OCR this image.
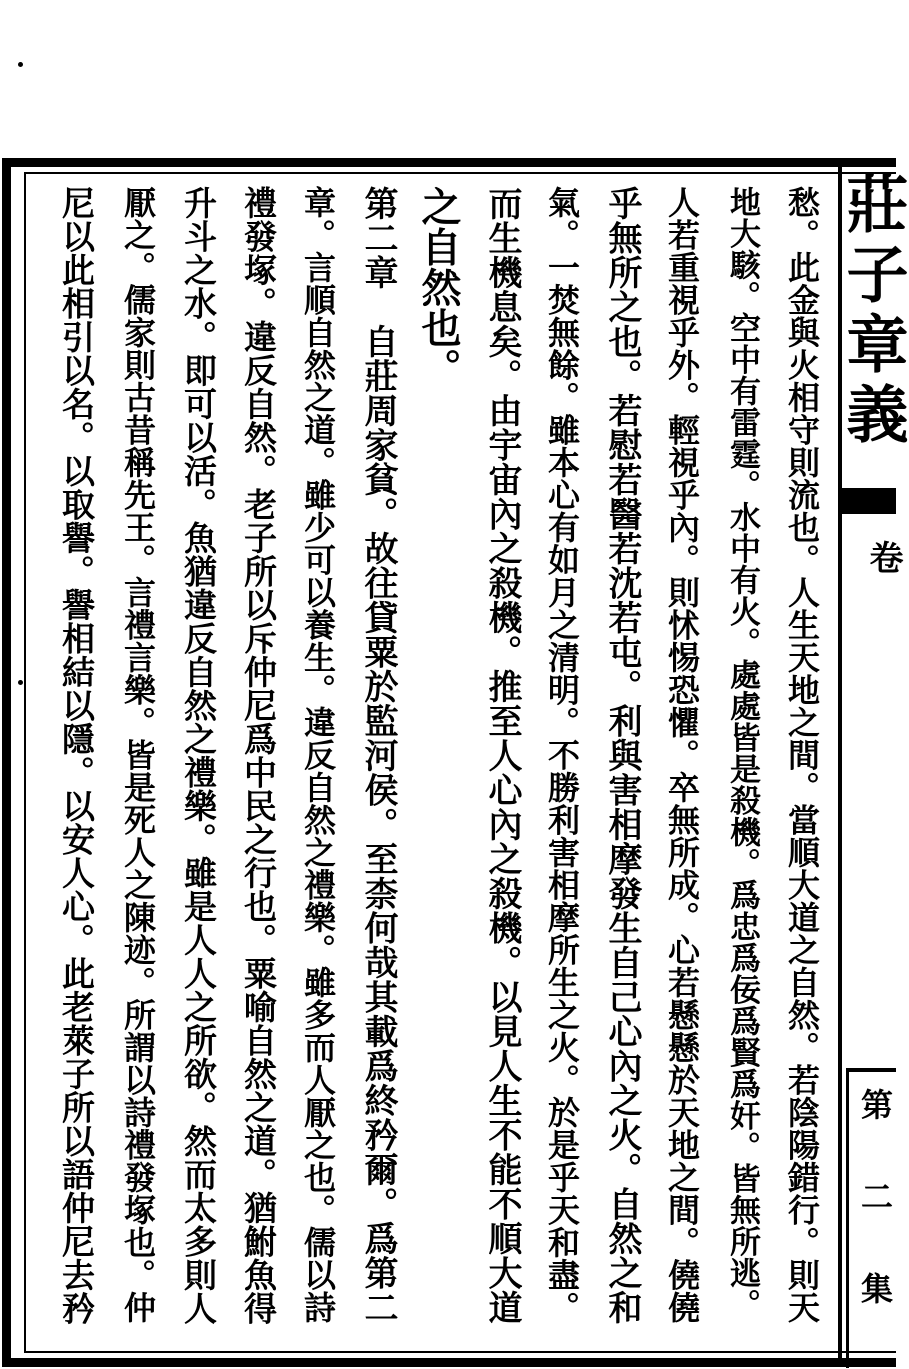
莊子章義
卷
第二集
愁。此金與火相守則流也。人生天地之間。當順大道之自然。若陰陽錯行。則天
地大駭。空中有雷霆。水中有火。處處皆是殺機。爲忠爲佞爲賢爲奸。皆無所逃。
人若重視乎外。輕視乎內。則怵惕恐懼。卒無所成。心若懸懸於天地之間。僥僥
乎無所之也。若慰若醫若沈若屯。利與害相摩發生自己心內之火。自然之和
氣。一焚無餘。雖本心有如月之清明。不勝利害相摩所生之火。於是乎天和盡。
而生機息矣。由宇宙內之殺機。推至人心內之殺機。以見人生不能不順大道
之自然也。
第二章　自莊周家貧。故往貸粟於監河侯。至柰何哉其載爲終矜爾。爲第二
章。言順自然之道。雖少可以養生。違反自然之禮樂。雖多而人厭之也。儒以詩
禮發塚。違反自然。老子所以斥仲尼爲中民之行也。粟喻自然之道。猶鮒魚得
升斗之水。即可以活。魚猶違反自然之禮樂。雖是人人之所欲。然而太多則人
厭之。儒家則古昔稱先王。言禮言樂。皆是死人之陳迹。所謂以詩禮發塚也。仲
尼以此相引以名。以取譽。譽相結以隱。以安人心。此老萊子所以語仲尼去矜
